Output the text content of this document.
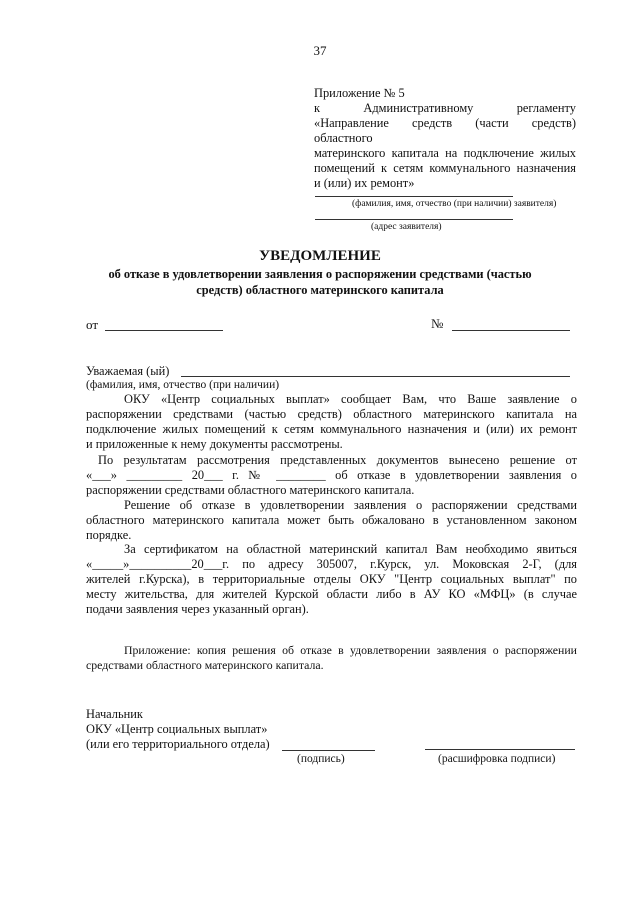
37
Приложение № 5
к Административному регламенту
«Направление средств (части средств) областного
материнского капитала на подключение жилых
помещений к сетям коммунального назначения
и (или) их ремонт»
(фамилия, имя, отчество (при наличии) заявителя)
(адрес заявителя)
УВЕДОМЛЕНИЕ
об отказе в удовлетворении заявления о распоряжении средствами (частью
средств) областного материнского капитала
от	№
Уважаемая (ый)
(фамилия, имя, отчество (при наличии)
ОКУ «Центр социальных выплат» сообщает Вам, что Ваше заявление о
распоряжении средствами (частью средств) областного материнского капитала на
подключение жилых помещений к сетям коммунального назначения и (или) их ремонт
и приложенные к нему документы рассмотрены.
По результатам рассмотрения представленных документов вынесено решение от
«___» _________ 20___ г. № ________ об отказе в удовлетворении заявления о
распоряжении средствами областного материнского капитала.
Решение об отказе в удовлетворении заявления о распоряжении средствами
областного материнского капитала может быть обжаловано в установленном законом
порядке.
За сертификатом на областной материнский капитал Вам необходимо явиться
«_____»__________20___г. по адресу 305007, г.Курск, ул. Моковская 2-Г, (для
жителей г.Курска), в территориальные отделы ОКУ "Центр социальных выплат" по
месту жительства, для жителей Курской области либо в АУ КО «МФЦ» (в случае
подачи заявления через указанный орган).
Приложение: копия решения об отказе в удовлетворении заявления о распоряжении
средствами областного материнского капитала.
Начальник
ОКУ «Центр социальных выплат»
(или его территориального отдела)
(подпись)	(расшифровка подписи)
